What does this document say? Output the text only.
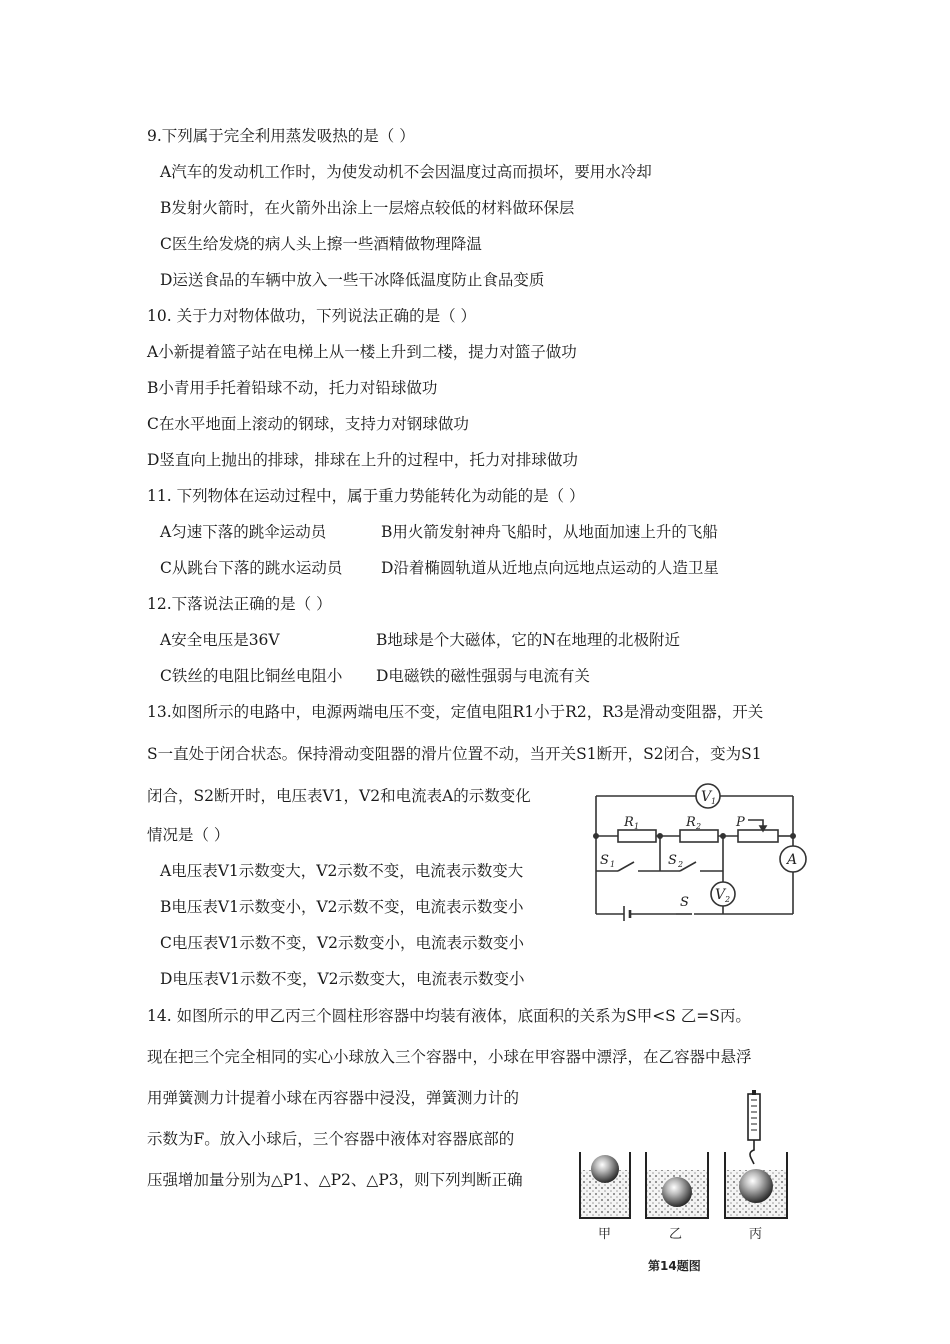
9.下列属于完全利用蒸发吸热的是（ ）
A汽车的发动机工作时，为使发动机不会因温度过高而损坏，要用水冷却
B发射火箭时，在火箭外出涂上一层熔点较低的材料做环保层
C医生给发烧的病人头上擦一些酒精做物理降温
D运送食品的车辆中放入一些干冰降低温度防止食品变质
10. 关于力对物体做功，下列说法正确的是（ ）
A小新提着篮子站在电梯上从一楼上升到二楼，提力对篮子做功
B小青用手托着铅球不动，托力对铅球做功
C在水平地面上滚动的钢球，支持力对钢球做功
D竖直向上抛出的排球，排球在上升的过程中，托力对排球做功
11. 下列物体在运动过程中，属于重力势能转化为动能的是（ ）
A匀速下落的跳伞运动员	B用火箭发射神舟飞船时，从地面加速上升的飞船
C从跳台下落的跳水运动员 D沿着椭圆轨道从近地点向远地点运动的人造卫星
12.下落说法正确的是（ ）
A安全电压是36V	B地球是个大磁体，它的N在地理的北极附近
C铁丝的电阻比铜丝电阻小 D电磁铁的磁性强弱与电流有关
13.如图所示的电路中，电源两端电压不变，定值电阻R1小于R2，R3是滑动变阻器，开关
S一直处于闭合状态。保持滑动变阻器的滑片位置不动，当开关S1断开，S2闭合，变为S1
闭合，S2断开时，电压表V1，V2和电流表A的示数变化
情况是（ ）
A电压表V1示数变大，V2示数不变，电流表示数变大
B电压表V1示数变小，V2示数不变，电流表示数变小
C电压表V1示数不变，V2示数变小，电流表示数变小
D电压表V1示数不变，V2示数变大，电流表示数变小
V 1
A
R 1	R 2	P
S 1	S 2
V 2
S
14. 如图所示的甲乙丙三个圆柱形容器中均装有液体，底面积的关系为S甲<S 乙=S丙。
现在把三个完全相同的实心小球放入三个容器中，小球在甲容器中漂浮，在乙容器中悬浮
用弹簧测力计提着小球在丙容器中浸没，弹簧测力计的
示数为F。放入小球后，三个容器中液体对容器底部的
压强增加量分别为△P1、△P2、△P3，则下列判断正确
甲	乙	丙
第14题图
